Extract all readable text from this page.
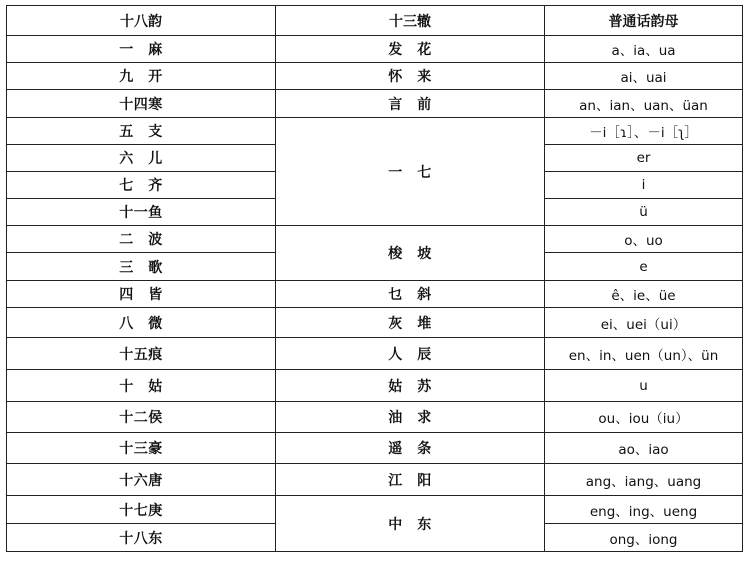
十八韵	十三辙	普通话韵母
一　麻	发　花	a、ia、ua
九　开	怀　来	ai、uai
十四寒	言　前	an、ian、uan、üan
五　支	一　七	－i［ɿ］、－i［ʅ］
六　儿		er
七　齐		i
十一鱼		ü
二　波	梭　坡	o、uo
三　歌		e
四　皆	乜　斜	ê、ie、üe
八　微	灰　堆	ei、uei（ui）
十五痕	人　辰	en、in、uen（un）、ün
十　姑	姑　苏	u
十二侯	油　求	ou、iou（iu）
十三豪	遥　条	ao、iao
十六唐	江　阳	ang、iang、uang
十七庚	中　东	eng、ing、ueng
十八东		ong、iong
